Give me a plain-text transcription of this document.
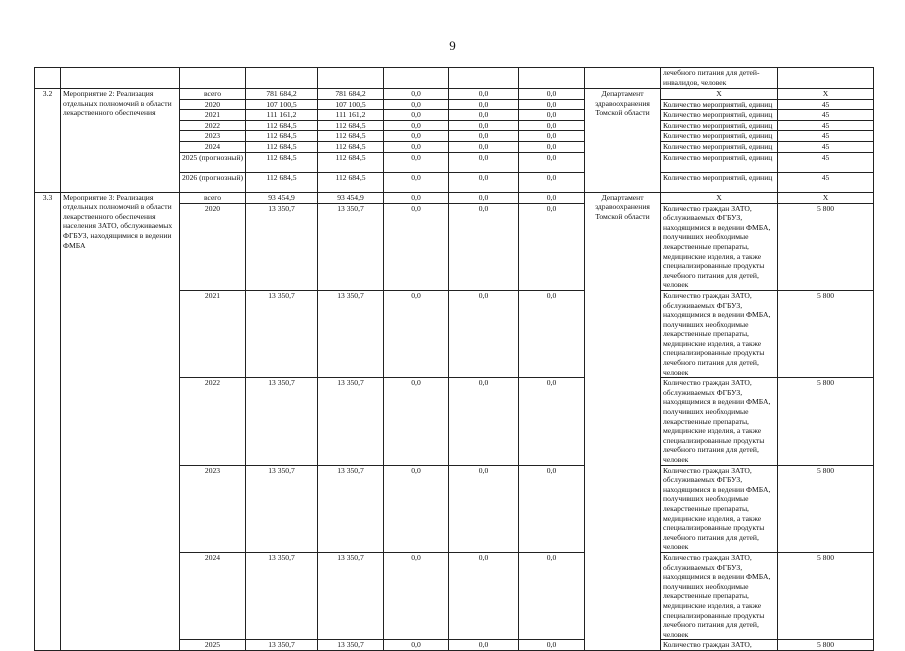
9
									лечебного питания для детей-инвалидов, человек	
3.2	Мероприятие 2: Реализация отдельных полномочий в области лекарственного обеспечения	всего	781 684,2	781 684,2	0,0	0,0	0,0	Департамент здравоохранения Томской области	X	X
		2020	107 100,5	107 100,5	0,0	0,0	0,0		Количество мероприятий, единиц	45
		2021	111 161,2	111 161,2	0,0	0,0	0,0		Количество мероприятий, единиц	45
		2022	112 684,5	112 684,5	0,0	0,0	0,0		Количество мероприятий, единиц	45
		2023	112 684,5	112 684,5	0,0	0,0	0,0		Количество мероприятий, единиц	45
		2024	112 684,5	112 684,5	0,0	0,0	0,0		Количество мероприятий, единиц	45
		2025 (прогнозный)	112 684,5	112 684,5	0,0	0,0	0,0		Количество мероприятий, единиц	45
		2026 (прогнозный)	112 684,5	112 684,5	0,0	0,0	0,0		Количество мероприятий, единиц	45
3.3	Мероприятие 3: Реализация отдельных полномочий в области лекарственного обеспечения населения ЗАТО, обслуживаемых ФГБУЗ, находящимися в ведении ФМБА	всего	93 454,9	93 454,9	0,0	0,0	0,0	Департамент здравоохранения Томской области	X	X
		2020	13 350,7	13 350,7	0,0	0,0	0,0		Количество граждан ЗАТО, обслуживаемых ФГБУЗ, находящимися в ведении ФМБА, получивших необходимые лекарственные препараты, медицинские изделия, а также специализированные продукты лечебного питания для детей, человек	5 800
		2021	13 350,7	13 350,7	0,0	0,0	0,0		Количество граждан ЗАТО, обслуживаемых ФГБУЗ, находящимися в ведении ФМБА, получивших необходимые лекарственные препараты, медицинские изделия, а также специализированные продукты лечебного питания для детей, человек	5 800
		2022	13 350,7	13 350,7	0,0	0,0	0,0		Количество граждан ЗАТО, обслуживаемых ФГБУЗ, находящимися в ведении ФМБА, получивших необходимые лекарственные препараты, медицинские изделия, а также специализированные продукты лечебного питания для детей, человек	5 800
		2023	13 350,7	13 350,7	0,0	0,0	0,0		Количество граждан ЗАТО, обслуживаемых ФГБУЗ, находящимися в ведении ФМБА, получивших необходимые лекарственные препараты, медицинские изделия, а также специализированные продукты лечебного питания для детей, человек	5 800
		2024	13 350,7	13 350,7	0,0	0,0	0,0		Количество граждан ЗАТО, обслуживаемых ФГБУЗ, находящимися в ведении ФМБА, получивших необходимые лекарственные препараты, медицинские изделия, а также специализированные продукты лечебного питания для детей, человек	5 800
		2025	13 350,7	13 350,7	0,0	0,0	0,0		Количество граждан ЗАТО,	5 800
